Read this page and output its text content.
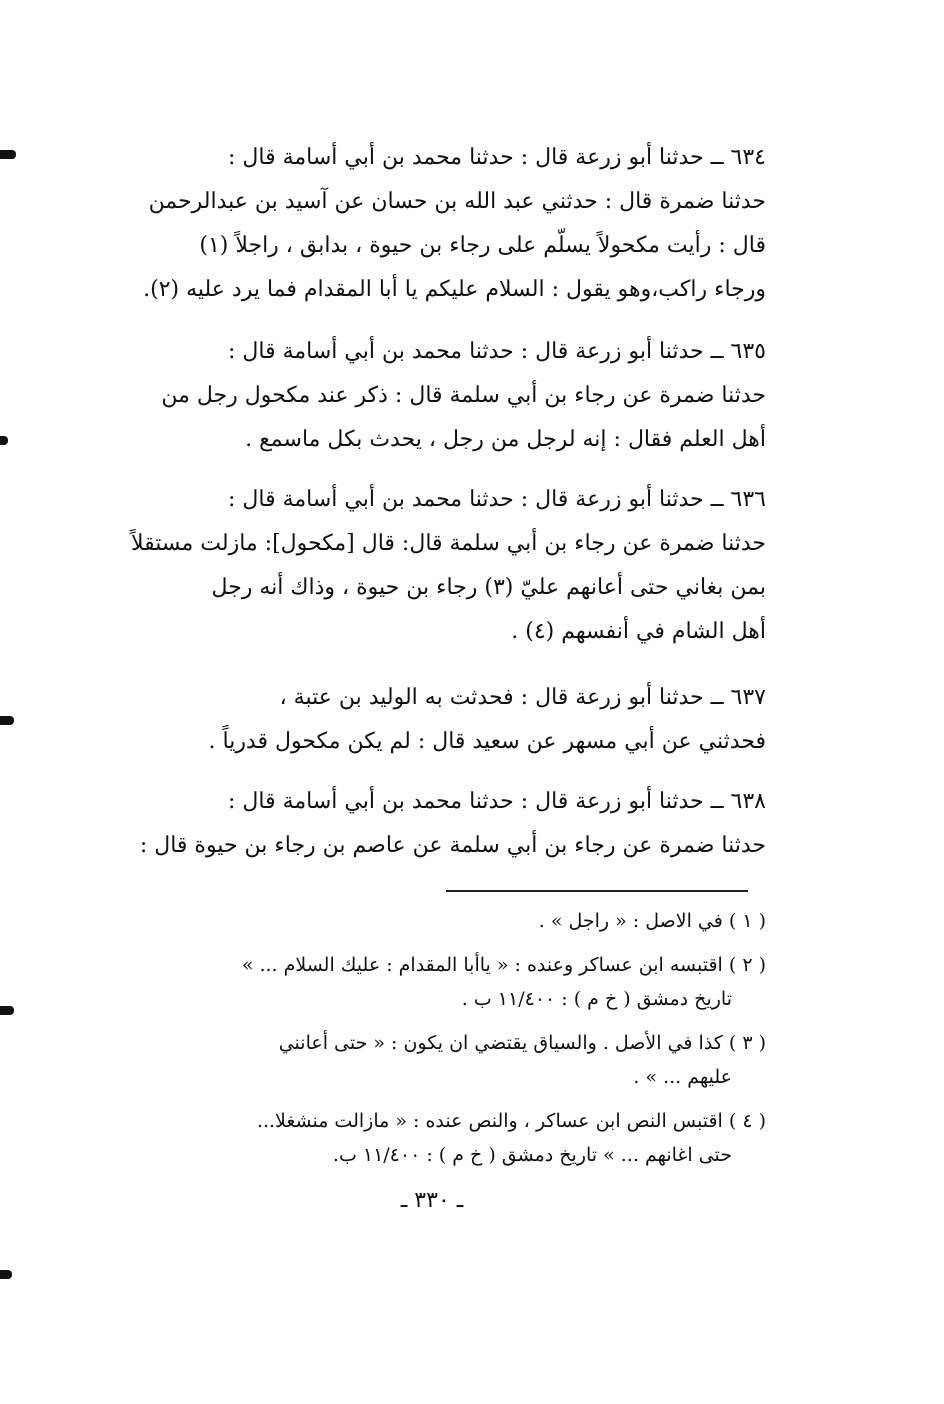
٦٣٤ ــ حدثنا أبو زرعة قال : حدثنا محمد بن أبي أسامة قال :
حدثنا ضمرة قال : حدثني عبد الله بن حسان عن آسيد بن عبدالرحمن
قال : رأيت مكحولاً يسلّم على رجاء بن حيوة ، بدابق ، راجلاً (١)
ورجاء راكب،وهو يقول : السلام عليكم يا أبا المقدام فما يرد عليه (٢).
٦٣٥ ــ حدثنا أبو زرعة قال : حدثنا محمد بن أبي أسامة قال :
حدثنا ضمرة عن رجاء بن أبي سلمة قال : ذكر عند مكحول رجل من
أهل العلم فقال : إنه لرجل من رجل ، يحدث بكل ماسمع .
٦٣٦ ــ حدثنا أبو زرعة قال : حدثنا محمد بن أبي أسامة قال :
حدثنا ضمرة عن رجاء بن أبي سلمة قال: قال [مكحول]: مازلت مستقلاً
بمن بغاني حتى أعانهم عليّ (٣) رجاء بن حيوة ، وذاك أنه رجل
أهل الشام في أنفسهم (٤) .
٦٣٧ ــ حدثنا أبو زرعة قال : فحدثت به الوليد بن عتبة ،
فحدثني عن أبي مسهر عن سعيد قال : لم يكن مكحول قدرياً .
٦٣٨ ــ حدثنا أبو زرعة قال : حدثنا محمد بن أبي أسامة قال :
حدثنا ضمرة عن رجاء بن أبي سلمة عن عاصم بن رجاء بن حيوة قال :
( ١ ) في الاصل : « راجل » .
( ٢ ) اقتبسه ابن عساكر وعنده : « ياأبا المقدام : عليك السلام ... »
تاريخ دمشق ( خ م ) : ١١/٤٠٠ ب .
( ٣ ) كذا في الأصل . والسياق يقتضي ان يكون : « حتى أعانني
عليهم ... » .
( ٤ ) اقتبس النص ابن عساكر ، والنص عنده : « مازالت منشغلا...
حتى اغانهم ... » تاريخ دمشق ( خ م ) : ١١/٤٠٠ ب.
ـ ٣٣٠ ـ
